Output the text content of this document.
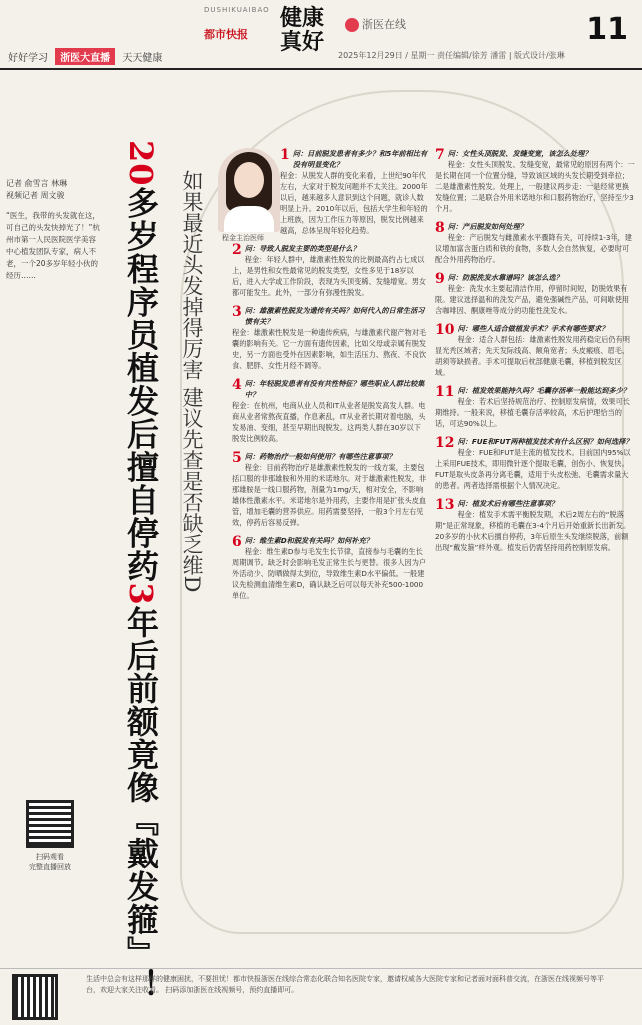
好好学习 浙医大直播 天天健康
DUSHIKUAIBAO
都市快报
健康
真好
浙医在线
2025年12月29日 / 星期一 责任编辑/徐芳 潘雷 | 版式设计/张琳
11
记者 俞雪言 林琳
视频记者 周文骏
“医生，我带的头发就在这，可自己的头发快掉光了！”杭州市第一人民医院医学美容中心植发团队专家，病人不老，一个20多岁年轻小伙的经历……
扫码观看
完整直播回放
20多岁程序员植发后擅自停药3年后前额竟像『戴发箍』！
如果最近头发掉得厉害 建议先查是否缺乏维D	程金主治医师
1 问：目前脱发患者有多少？和5年前相比有没有明显变化？
程金：从脱发人群的变化来看，上世纪90年代左右，大家对于脱发问题并不太关注。2000年以后，越来越多人意识到这个问题，就诊人数明显上升。2010年以后，包括大学生和年轻的上班族，因为工作压力等原因，脱发比例越来越高，总体呈现年轻化趋势。
2 问：导致人脱发主要的类型是什么？
程金：年轻人群中，雄激素性脱发的比例最高约占七成以上，是男性和女性最常见的脱发类型，女性多见于18岁以后，进入大学或工作阶段，表现为头顶变稀、发缝增宽。男女都可能发生。此外，一部分有弥漫性脱发。
3 问：雄激素性脱发为遗传有关吗？如何代入的日常生活习惯有关？
程金：雄激素性脱发是一种遗传疾病，与雄激素代谢产物对毛囊的影响有关。它一方面有遗传因素，比如父母或亲属有脱发史，另一方面也受外在因素影响，如生活压力、熬夜、不良饮食、肥胖、女性月经不调等。
4 问：年轻脱发患者有没有共性特征？哪些职业人群比较集中？
程金：在杭州，电商从业人员和IT从业者是脱发高发人群。电商从业者常熬夜直播，作息紊乱，IT从业者长期对着电脑，头发易油、变细，甚至早期出现脱发。这两类人群在30岁以下脱发比例较高。
5 问：药物治疗一般如何使用？有哪些注意事项？
程金：目前药物治疗是雄激素性脱发的一线方案，主要包括口服的非那雄胺和外用的米诺地尔。对于雄激素性脱发，非那雄胺是一线口服药物，剂量为1mg/天，相对安全，不影响雄体性激素水平。米诺地尔是外用药，主要作用是扩张头皮血管，增加毛囊的营养供应。用药需要坚持，一般3个月左右见效，停药后容易反弹。
6 问：维生素D和脱发有关吗？如何补充？
程金：维生素D参与毛发生长节律，直接参与毛囊的生长周期调节。缺乏时会影响毛发正常生长与更替。很多人因为户外活动少、防晒做得太到位，导致维生素D水平偏低。一般建议先检测血清维生素D，确认缺乏后可以每天补充500-1000单位。
7 问：女性头顶脱发、发缝变宽，该怎么处理？
程金：女性头顶脱发、发缝变宽，最常见的原因有两个：一是长期在同一个位置分缝，导致该区域的头发长期受到牵拉；二是雄激素性脱发。处理上，一般建议两步走：一是经常更换发缝位置；二是联合外用米诺地尔和口服药物治疗，坚持至少3个月。
8 问：产后脱发如何处理？
程金：产后脱发与雌激素水平骤降有关，可持续1-3年，建议增加富含蛋白质和铁的食物，多数人会自然恢复，必要时可配合外用药物治疗。
9 问：防脱洗发水靠谱吗？该怎么选？
程金：洗发水主要起清洁作用，停留时间短，防脱效果有限。建议选择温和的洗发产品，避免强碱性产品，可间歇使用含咖啡因、酮康唑等成分的功能性洗发水。
10 问：哪些人适合做植发手术？手术有哪些要求？
程金：适合人群包括：雄激素性脱发用药稳定后仍有明显光秃区域者；先天发际线高、额角宽者；头皮瘢痕、眉毛、胡须等缺损者。手术可提取后枕部健康毛囊，移植到脱发区域。
11 问：植发效果能持久吗？毛囊存活率一般能达到多少？
程金：若术后坚持规范治疗、控制原发病情，效果可长期维持。一般来说，移植毛囊存活率较高，术后护理恰当的话，可达90%以上。
12 问：FUE和FUT两种植发技术有什么区别？如何选择？
程金：FUE和FUT是主流的植发技术。目前国内95%以上采用FUE技术，即用微针逐个提取毛囊，创伤小、恢复快。FUT是取头皮条再分离毛囊，适用于头皮松弛、毛囊需求量大的患者。两者选择需根据个人情况决定。
13 问：植发术后有哪些注意事项？
程金：植发手术需平衡脱发期，术后2周左右的“脱落期”是正常现象，移植的毛囊在3-4个月后开始重新长出新发。20多岁的小伙术后擅自停药，3年后原生头发继续脱落，前额出现“戴发箍”样外观。植发后仍需坚持用药控制原发病。
生活中总会有这样那样的健康困扰，不要担忧！都市快报浙医在线综合常态化联合知名医院专家，邀请权威各大医院专家和记者面对面科普交流，在浙医在线视频号等平台，欢迎大家关注收看。 扫码添加浙医在线视频号，预约直播即可。
